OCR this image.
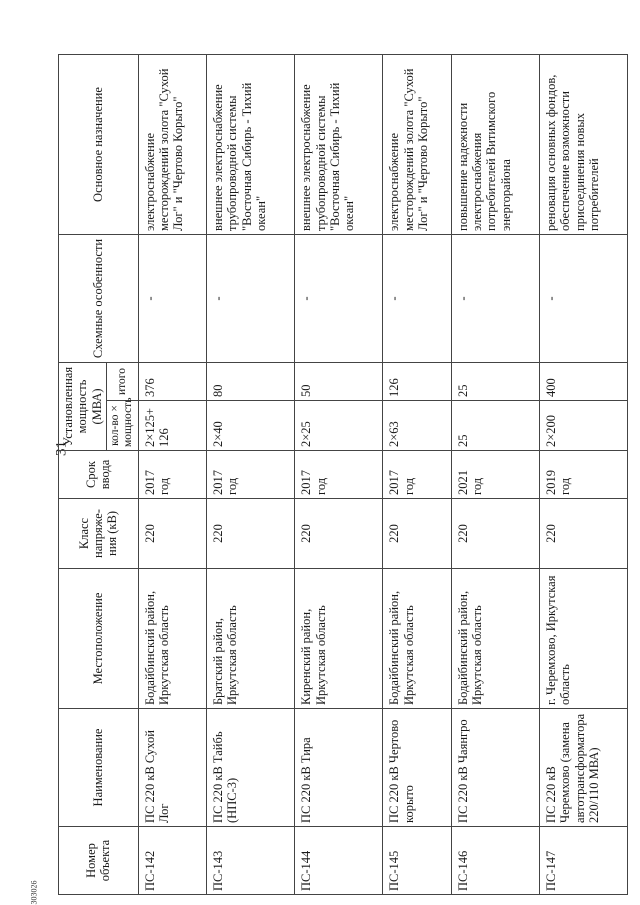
31
303026
Номер объекта	Наименование	Местоположение	Класс напряже-ния (кВ)	Срок ввода	Установленная мощность (МВА)		Схемные особенности	Основное назначение
					кол-во × мощность	итого		
ПС-142	ПС 220 кВ Сухой Лог	Бодайбинский район, Иркутская область	220	2017 год	2×125+ 126	376	-	электроснабжение месторождений золота "Сухой Лог" и "Чертово Корыто"
ПС-143	ПС 220 кВ Тайбь (НПС-3)	Братский район, Иркутская область	220	2017 год	2×40	80	-	внешнее электроснабжение трубопроводной системы "Восточная Сибирь - Тихий океан"
ПС-144	ПС 220 кВ Тира	Киренский район, Иркутская область	220	2017 год	2×25	50	-	внешнее электроснабжение трубопроводной системы "Восточная Сибирь - Тихий океан"
ПС-145	ПС 220 кВ Чертово корыто	Бодайбинский район, Иркутская область	220	2017 год	2×63	126	-	электроснабжение месторождений золота "Сухой Лог" и "Чертово Корыто"
ПС-146	ПС 220 кВ Чаянгро	Бодайбинский район, Иркутская область	220	2021 год	25	25	-	повышение надежности электроснабжения потребителей Витимского энергорайона
ПС-147	ПС 220 кВ Черемхово (замена автотрансформатора 220/110 МВА)	г. Черемхово, Иркутская область	220	2019 год	2×200	400	-	реновация основных фондов, обеспечение возможности присоединения новых потребителей
